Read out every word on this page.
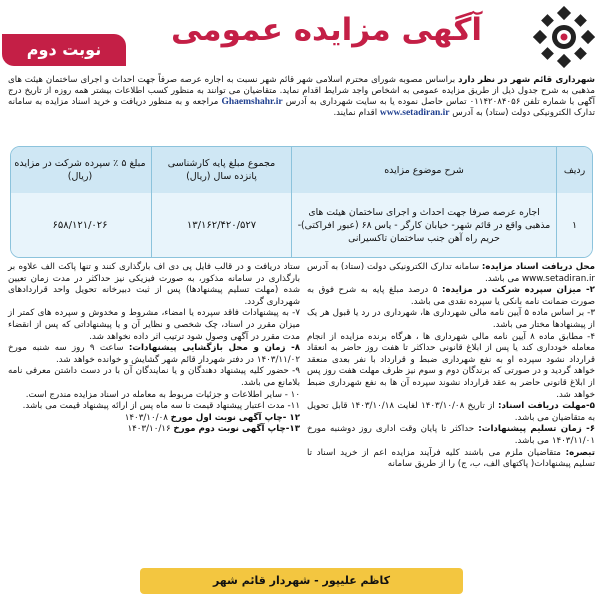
آگهی مزایده عمومی
نوبت دوم
شهرداری قائم شهر در نظر دارد براساس مصوبه شورای محترم اسلامی شهر قائم شهر نسبت به اجاره عرصه صرفاً جهت احداث و اجرای ساختمان هیئت های مذهبی به شرح جدول ذیل از طریق مزایده عمومی به اشخاص واجد شرایط اقدام نماید. متقاضیان می توانند به منظور کسب اطلاعات بیشتر همه روزه از تاریخ درج آگهی با شماره تلفن ۰۱۱۴۲۰۸۴۰۵۶ تماس حاصل نموده یا به سایت شهرداری به آدرس Ghaemshahr.ir مراجعه و به منظور دریافت و خرید اسناد مزایده به سامانه تدارک الکترونیکی دولت (ستاد) به آدرس www.setadiran.ir اقدام نمایند.
ردیف
شرح موضوع مزایده
مجموع مبلغ پایه کارشناسی پانزده سال (ریال)
مبلغ ۵ ٪ سپرده شرکت در مزایده (ریال)
۱
اجاره عرصه صرفا جهت احداث و اجرای ساختمان هیئت های مذهبی واقع در قائم شهر- خیابان کارگر - یاس ۶۸ (عبور افراکتی)-حریم راه آهن جنب ساختمان تاکسیرانی
۱۳/۱۶۲/۴۲۰/۵۲۷
۶۵۸/۱۲۱/۰۲۶

محل دریافت اسناد مزایده: سامانه تدارک الکترونیکی دولت (ستاد) به آدرس www.setadiran.ir می باشد.

۲- میزان سپرده شرکت در مزایده: ۵ درصد مبلغ پایه به شرح فوق به صورت ضمانت نامه بانکی یا سپرده نقدی می باشد.

۳- بر اساس ماده ۵ آیین نامه مالی شهرداری ها، شهرداری در رد یا قبول هر یک از پیشنهادها مختار می باشد.

۴- مطابق ماده ۸ آیین نامه مالی شهرداری ها ، هرگاه برنده مزایده از انجام معامله خودداری کند یا پس از ابلاغ قانونی حداکثر تا هفت روز حاضر به انعقاد قرارداد نشود سپرده او به نفع شهرداری ضبط و قرارداد با نفر بعدی منعقد خواهد گردید و در صورتی که برندگان دوم و سوم نیز ظرف مهلت هفت روز پس از ابلاغ قانونی حاضر به عقد قرارداد نشوند سپرده آن ها به نفع شهرداری ضبط خواهد شد.

۵-مهلت دریافت اسناد: از تاریخ ۱۴۰۳/۱۰/۰۸ لغایت ۱۴۰۳/۱۰/۱۸ قابل تحویل به متقاضیان می باشد.

۶- زمان تسلیم پیشنهادات: حداکثر تا پایان وقت اداری روز دوشنبه مورخ ۱۴۰۳/۱۱/۰۱ می باشد.

تبصره: متقاضیان ملزم می باشند کلیه فرآیند مزایده اعم از خرید اسناد تا تسلیم پیشنهادات( پاکتهای الف، ب، ج) را از طریق سامانه

ستاد دریافت و در قالب فایل پی دی اف بارگذاری کنند و تنها پاکت الف علاوه بر بارگذاری در سامانه مذکور، به صورت فیزیکی نیز حداکثر در مدت زمان تعیین شده (مهلت تسلیم پیشنهادها) پس از ثبت دبیرخانه تحویل واحد قراردادهای شهرداری گردد.

۷- به پیشنهادات فاقد سپرده یا امضاء، مشروط و مخدوش و سپرده های کمتر از میزان مقرر در اسناد، چک شخصی و نظایر آن و یا پیشنهاداتی که پس از انقضاء مدت مقرر در آگهی وصول شود ترتیب اثر داده نخواهد شد.

۸- زمان و محل بازگشایی پیشنهادات: ساعت ۹ روز سه شنبه مورخ ۱۴۰۳/۱۱/۰۲ در دفتر شهردار قائم شهر گشایش و خوانده خواهد شد.

۹- حضور کلیه پیشنهاد دهندگان و یا نمایندگان آن با در دست داشتن معرفی نامه بلامانع می باشد.

۱۰ - سایر اطلاعات و جزئیات مربوط به معامله در اسناد مزایده مندرج است.

۱۱- مدت اعتبار پیشنهاد قیمت تا سه ماه پس از ارائه پیشنهاد قیمت می باشد.

۱۲ -چاپ آگهی نوبت اول مورخ ۱۴۰۳/۱۰/۰۸

۱۳-چاپ آگهی نوبت دوم مورخ ۱۴۰۳/۱۰/۱۶

کاظم علیپور - شهردار قائم شهر
